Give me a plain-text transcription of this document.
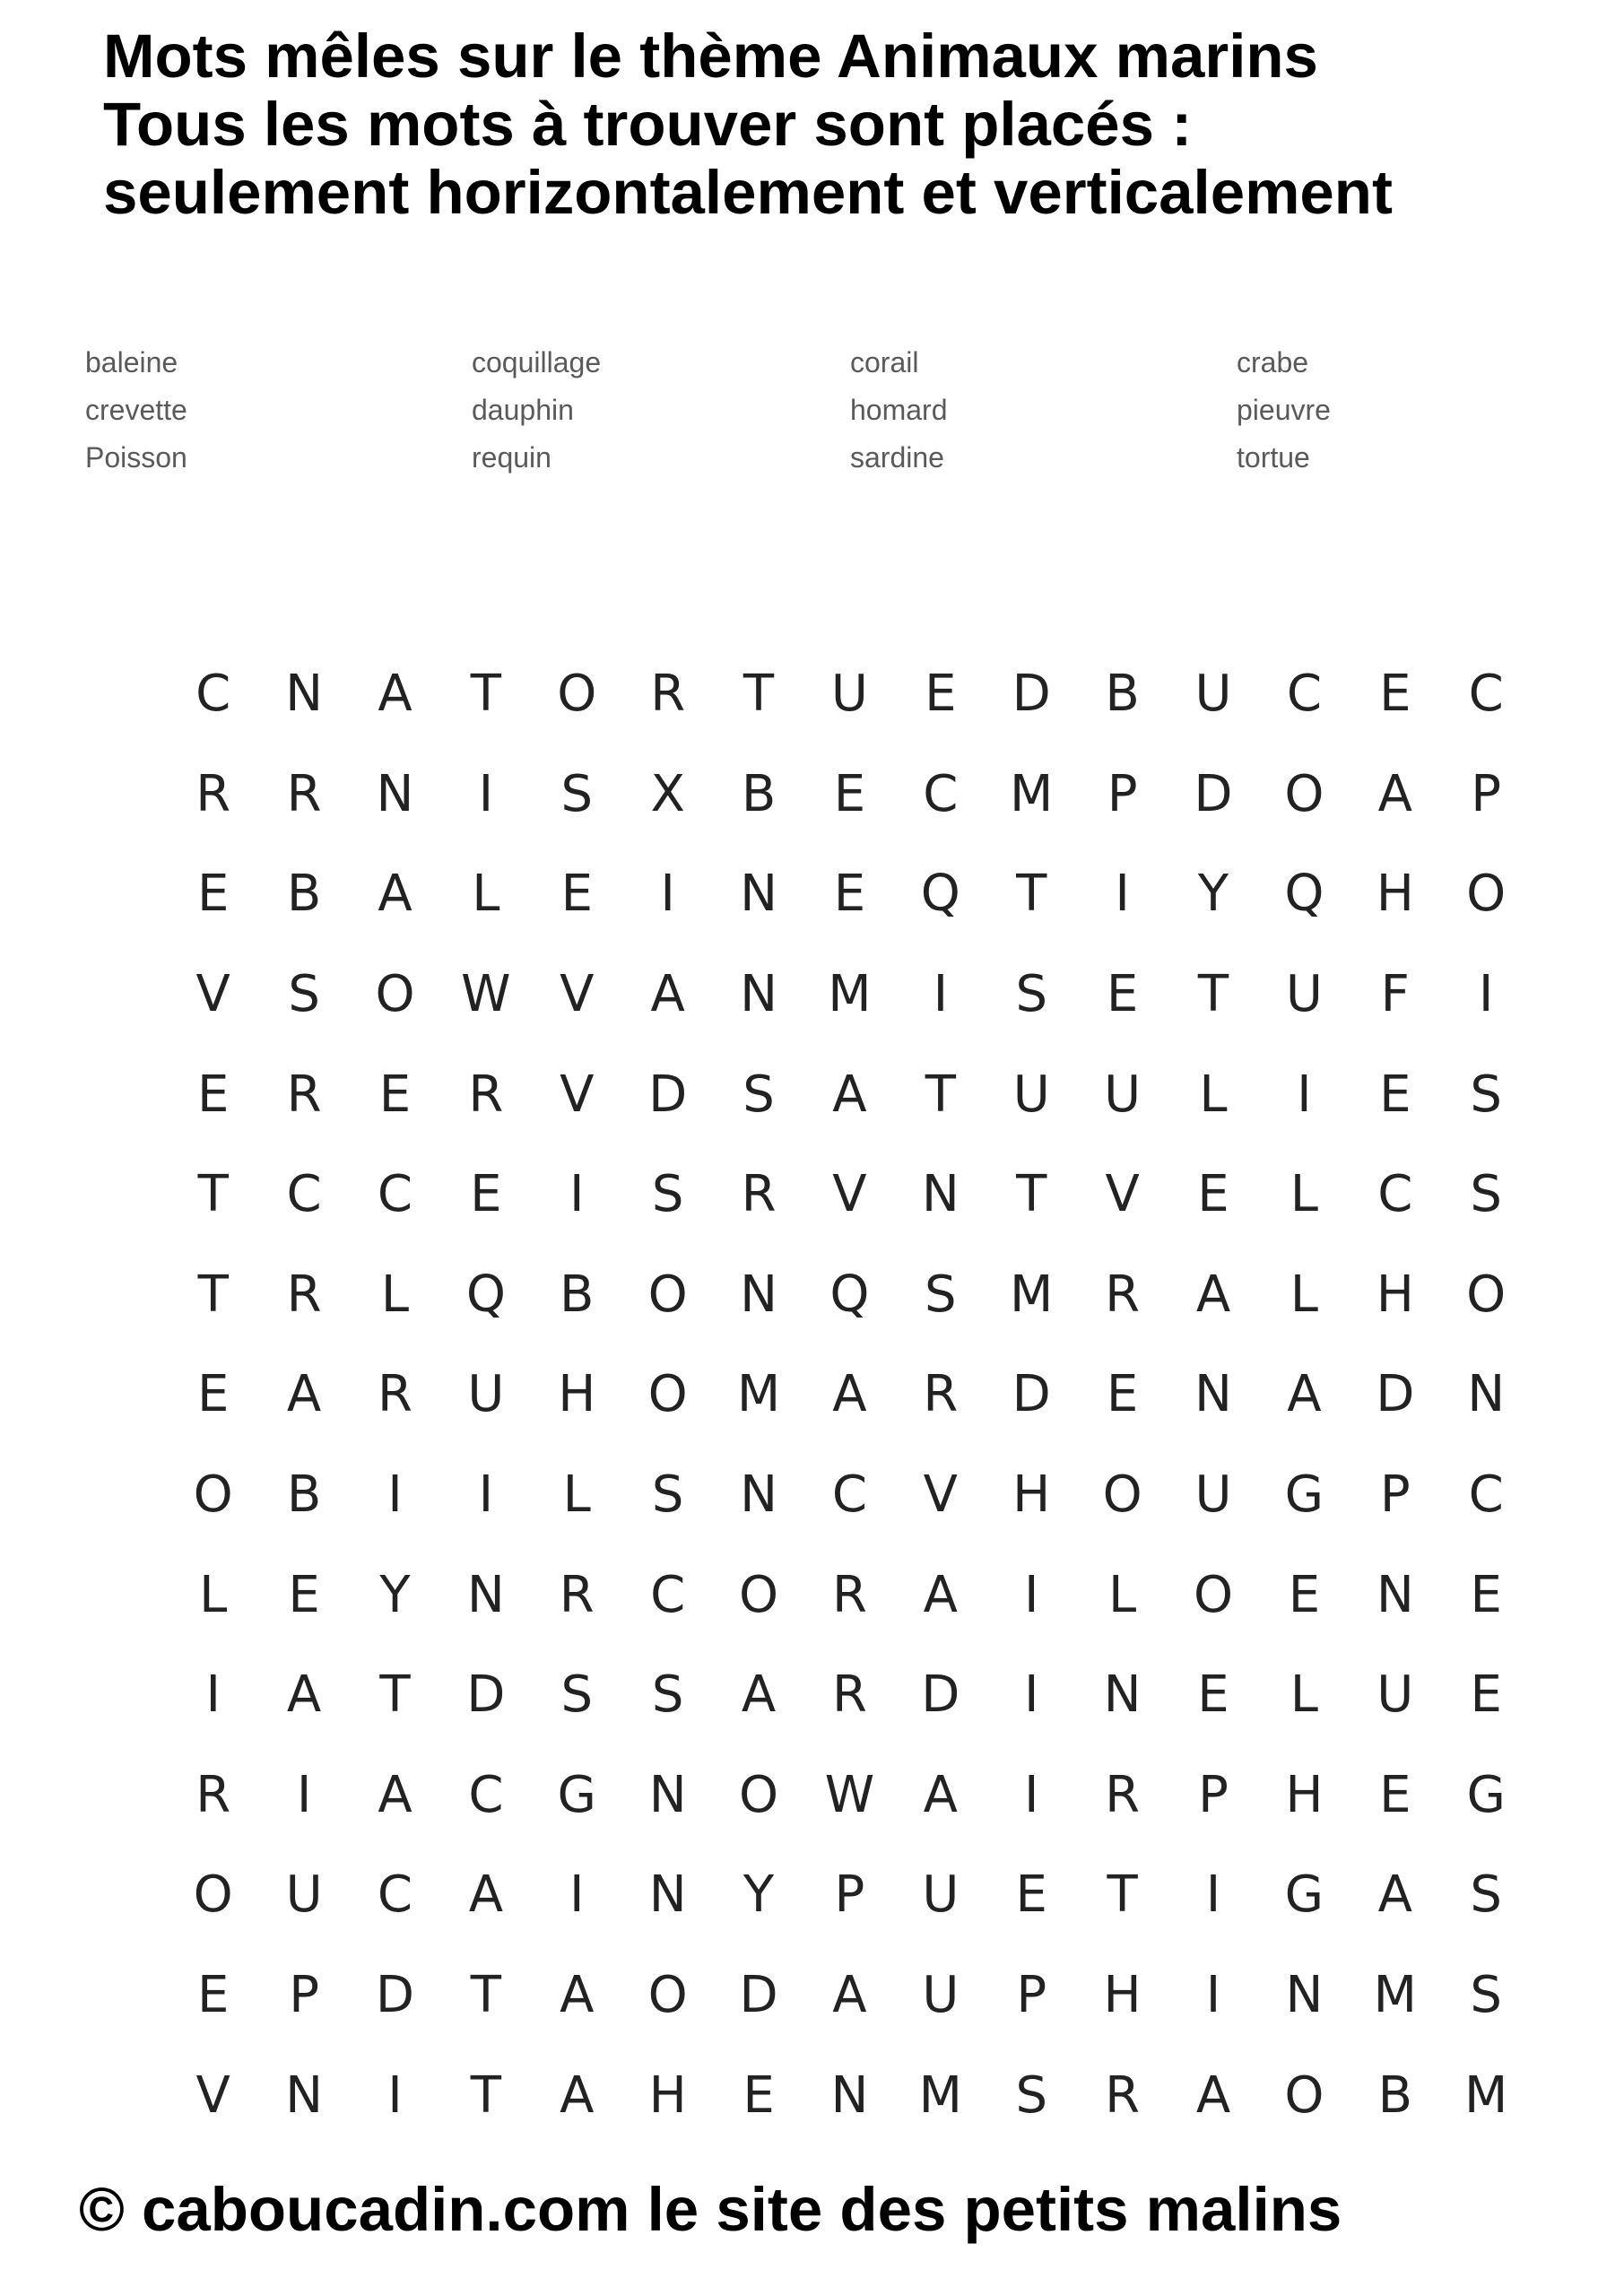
Mots mêles sur le thème Animaux marins
Tous les mots à trouver sont placés :
seulement horizontalement et verticalement
baleine
crevette
Poisson
coquillage
dauphin
requin
corail
homard
sardine
crabe
pieuvre
tortue
C	N	A	T	O	R	T	U	E	D	B	U	C	E	C
R	R	N	I	S	X	B	E	C	M	P	D	O	A	P
E	B	A	L	E	I	N	E	Q	T	I	Y	Q	H	O
V	S	O W V	A	N	M	I	S	E	T	U	F	I
E	R	E	R	V	D	S	A	T	U	U	L	I	E	S
T	C	C	E	I	S	R	V	N	T	V	E	L	C	S
T	R	L	Q	B	O	N	Q	S	M	R	A	L	H	O
E	A	R	U	H	O M	A	R	D	E	N	A	D	N
O	B	I	I	L	S	N	C	V	H	O	U	G	P	C
L	E	Y	N	R	C	O	R	A	I	L	O	E	N	E
I	A	T	D	S	S	A	R	D	I	N	E	L	U	E
R	I	A	C	G	N	O W A	I	R	P	H	E	G
O	U	C	A	I	N	Y	P	U	E	T	I	G	A	S
E	P	D	T	A	O	D	A	U	P	H	I	N	M	S
V	N	I	T	A	H	E	N	M	S	R	A	O	B	M
© caboucadin.com le site des petits malins
